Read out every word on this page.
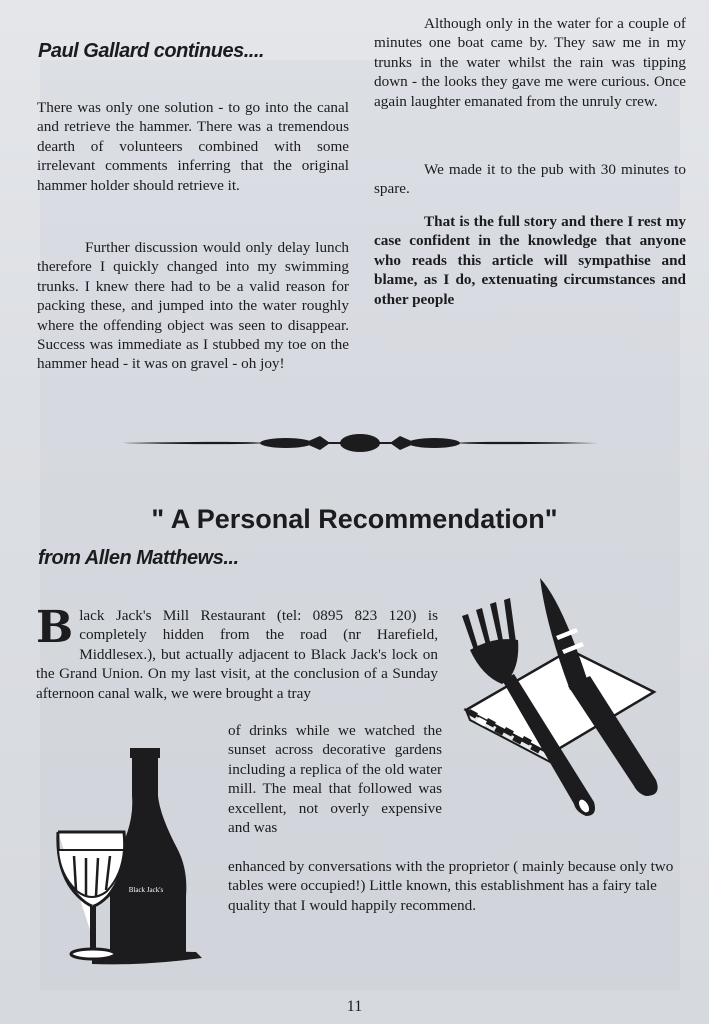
Paul Gallard continues....

There was only one solution - to go into the canal and retrieve the hammer. There was a tremendous dearth of volunteers combined with some irrelevant comments inferring that the original hammer holder should retrieve it.

Further discussion would only delay lunch therefore I quickly changed into my swimming trunks. I knew there had to be a valid reason for packing these, and jumped into the water roughly where the offending object was seen to disappear. Success was immediate as I stubbed my toe on the hammer head - it was on gravel - oh joy!

Although only in the water for a couple of minutes one boat came by. They saw me in my trunks in the water whilst the rain was tipping down - the looks they gave me were curious. Once again laughter emanated from the unruly crew.

We made it to the pub with 30 minutes to spare.

That is the full story and there I rest my case confident in the knowledge that anyone who reads this article will sympathise and blame, as I do, extenuating circumstances and other people

" A Personal Recommendation"
from Allen Matthews...
Black Jack's Mill Restaurant (tel: 0895 823 120) is completely hidden from the road (nr Harefield, Middlesex.), but actually adjacent to Black Jack's lock on the Grand Union. On my last visit, at the conclusion of a Sunday afternoon canal walk, we were brought a tray

of drinks while we watched the sunset across decorative gardens including a replica of the old water mill. The meal that followed was excellent, not overly expensive and was

enhanced by conversations with the proprietor ( mainly because only two tables were occupied!) Little known, this establishment has a fairy tale quality that I would happily recommend.

Black Jack's
11
